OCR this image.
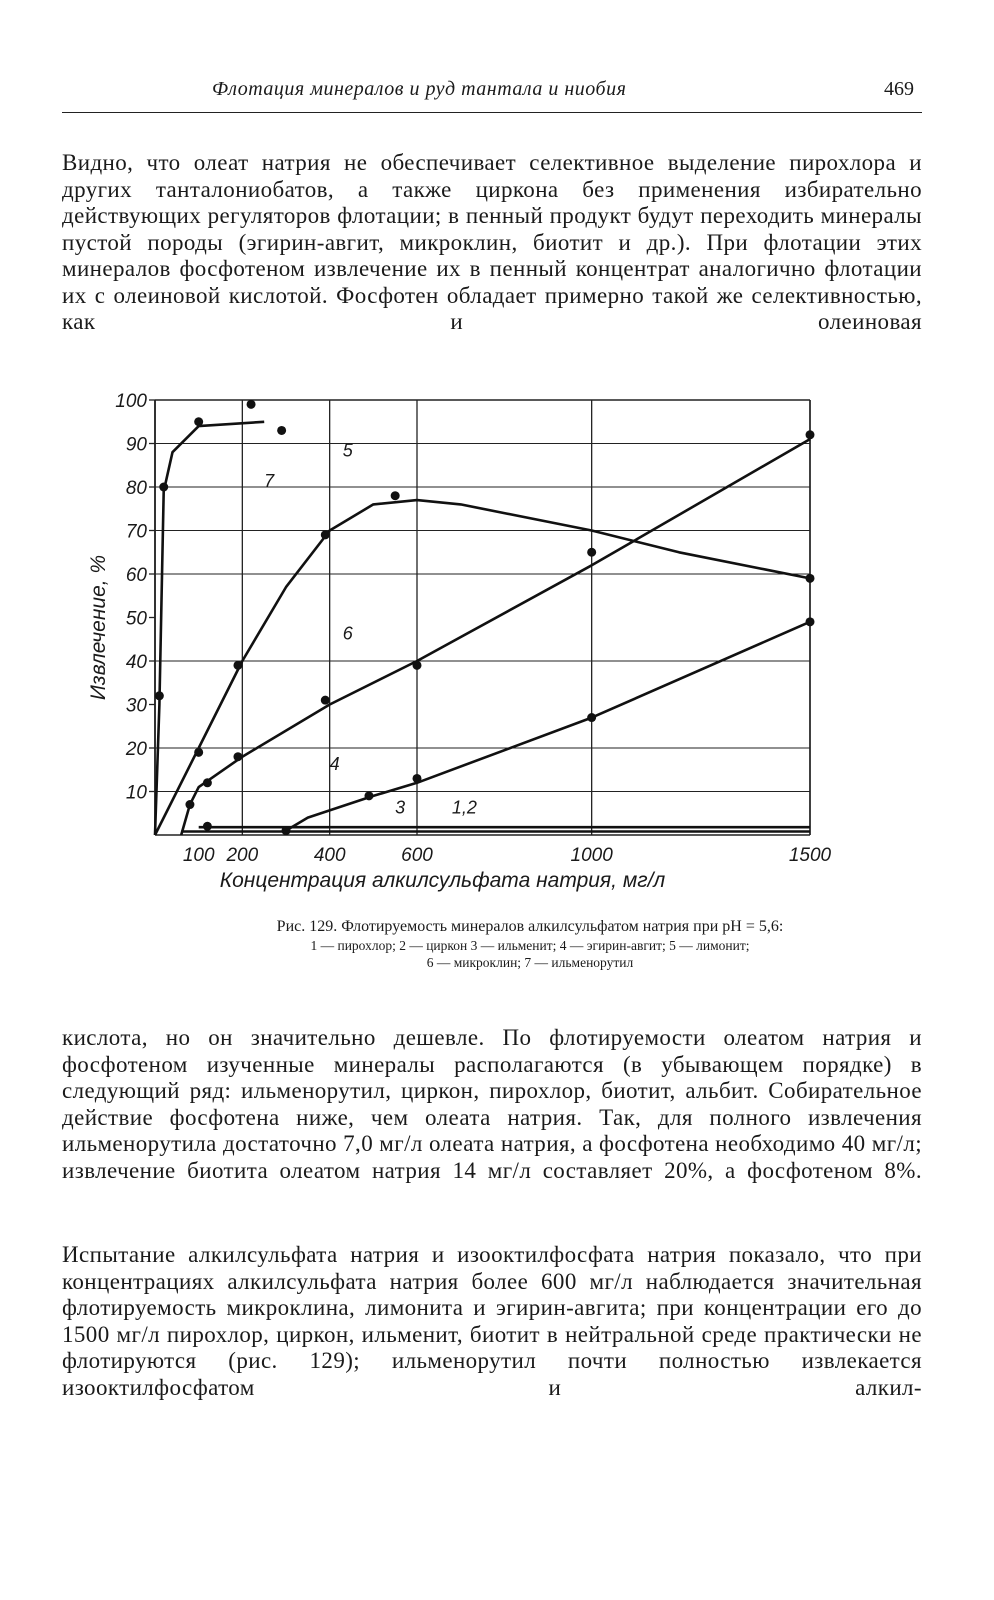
Флотация минералов и руд тантала и ниобия	469

Видно, что олеат натрия не обеспечивает селективное выделение пирохлора и других танталониобатов, а также циркона без применения избирательно действующих регуляторов флотации; в пенный продукт будут переходить минералы пустой породы (эгирин-авгит, микроклин, биотит и др.). При флотации этих минералов фосфотеном извлечение их в пенный концентрат аналогично флотации их с олеиновой кислотой. Фосфотен обладает примерно такой же селективностью, как и олеиновая

10
20
30
40
50
60
70
80
90
100
100 200	400	600	1000	1500
Концентрация алкилсульфата натрия, мг/л
Извлечение, %
7
5
6
4
3	1,2
Рис. 129. Флотируемость минералов алкилсульфатом натрия при pH = 5,6:
1 — пирохлор; 2 — циркон 3 — ильменит; 4 — эгирин-авгит; 5 — лимонит;
6 — микроклин; 7 — ильменорутил

кислота, но он значительно дешевле. По флотируемости олеатом натрия и фосфотеном изученные минералы располагаются (в убывающем порядке) в следующий ряд: ильменорутил, циркон, пирохлор, биотит, альбит. Собирательное действие фосфотена ниже, чем олеата натрия. Так, для полного извлечения ильменорутила достаточно 7,0 мг/л олеата натрия, а фосфотена необходимо 40 мг/л; извлечение биотита олеатом натрия 14 мг/л составляет 20%, а фосфотеном 8%.

Испытание алкилсульфата натрия и изооктилфосфата натрия показало, что при концентрациях алкилсульфата натрия более 600 мг/л наблюдается значительная флотируемость микроклина, лимонита и эгирин-авгита; при концентрации его до 1500 мг/л пирохлор, циркон, ильменит, биотит в нейтральной среде практически не флотируются (рис. 129); ильменорутил почти полностью извлекается изооктилфосфатом и алкил-
